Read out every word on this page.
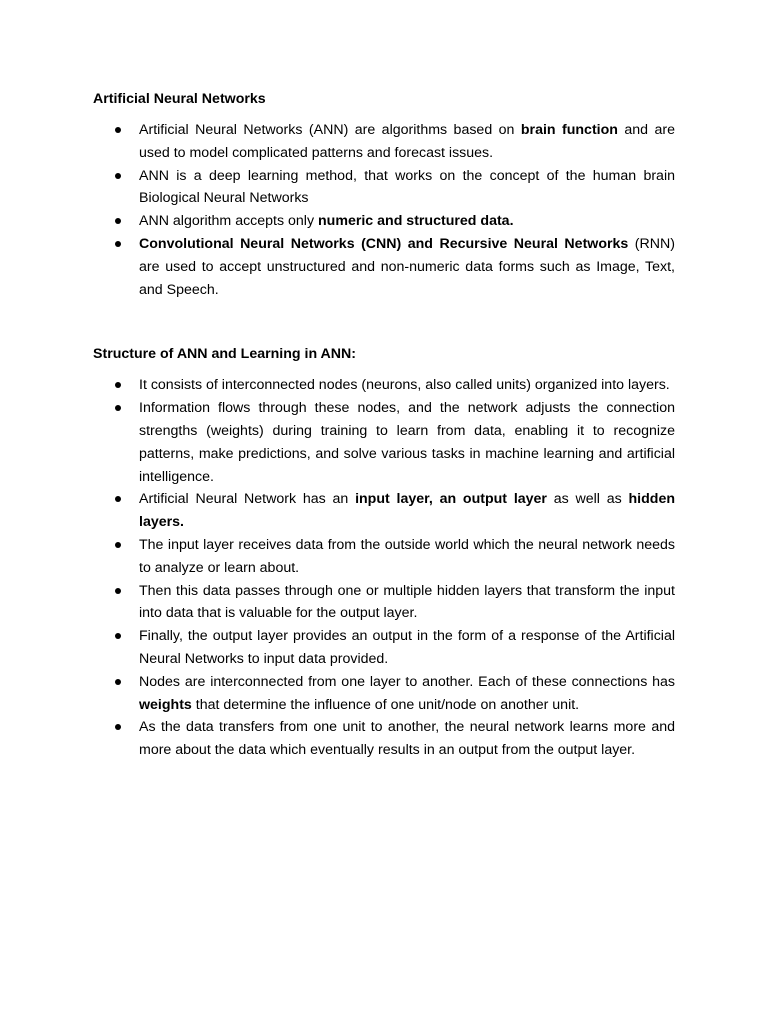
Artificial Neural Networks

Artificial Neural Networks (ANN) are algorithms based on brain function and are used to model complicated patterns and forecast issues.
ANN is a deep learning method, that works on the concept of the human brain Biological Neural Networks
ANN algorithm accepts only numeric and structured data.
Convolutional Neural Networks (CNN) and Recursive Neural Networks (RNN) are used to accept unstructured and non-numeric data forms such as Image, Text, and Speech.

Structure of ANN and Learning in ANN:

It consists of interconnected nodes (neurons, also called units) organized into layers.
Information flows through these nodes, and the network adjusts the connection strengths (weights) during training to learn from data, enabling it to recognize patterns, make predictions, and solve various tasks in machine learning and artificial intelligence.
Artificial Neural Network has an input layer, an output layer as well as hidden layers.
The input layer receives data from the outside world which the neural network needs to analyze or learn about.
Then this data passes through one or multiple hidden layers that transform the input into data that is valuable for the output layer.
Finally, the output layer provides an output in the form of a response of the Artificial Neural Networks to input data provided.
Nodes are interconnected from one layer to another. Each of these connections has weights that determine the influence of one unit/node on another unit.
As the data transfers from one unit to another, the neural network learns more and more about the data which eventually results in an output from the output layer.
